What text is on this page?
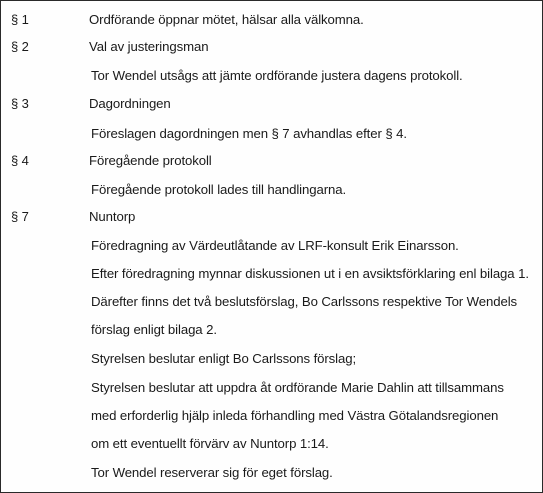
§ 1	Ordförande öppnar mötet, hälsar alla välkomna.
§ 2	Val av justeringsman
Tor Wendel utsågs att jämte ordförande justera dagens protokoll.
§ 3	Dagordningen
Föreslagen dagordningen men § 7 avhandlas efter § 4.
§ 4	Föregående protokoll
Föregående protokoll lades till handlingarna.
§ 7	Nuntorp
Föredragning av Värdeutlåtande av LRF-konsult Erik Einarsson.
Efter föredragning mynnar diskussionen ut i en avsiktsförklaring enl bilaga 1.
Därefter finns det två beslutsförslag, Bo Carlssons respektive Tor Wendels
förslag enligt bilaga 2.
Styrelsen beslutar enligt Bo Carlssons förslag;
Styrelsen beslutar att uppdra åt ordförande Marie Dahlin att tillsammans
med erforderlig hjälp inleda förhandling med Västra Götalandsregionen
om ett eventuellt förvärv av Nuntorp 1:14.
Tor Wendel reserverar sig för eget förslag.
